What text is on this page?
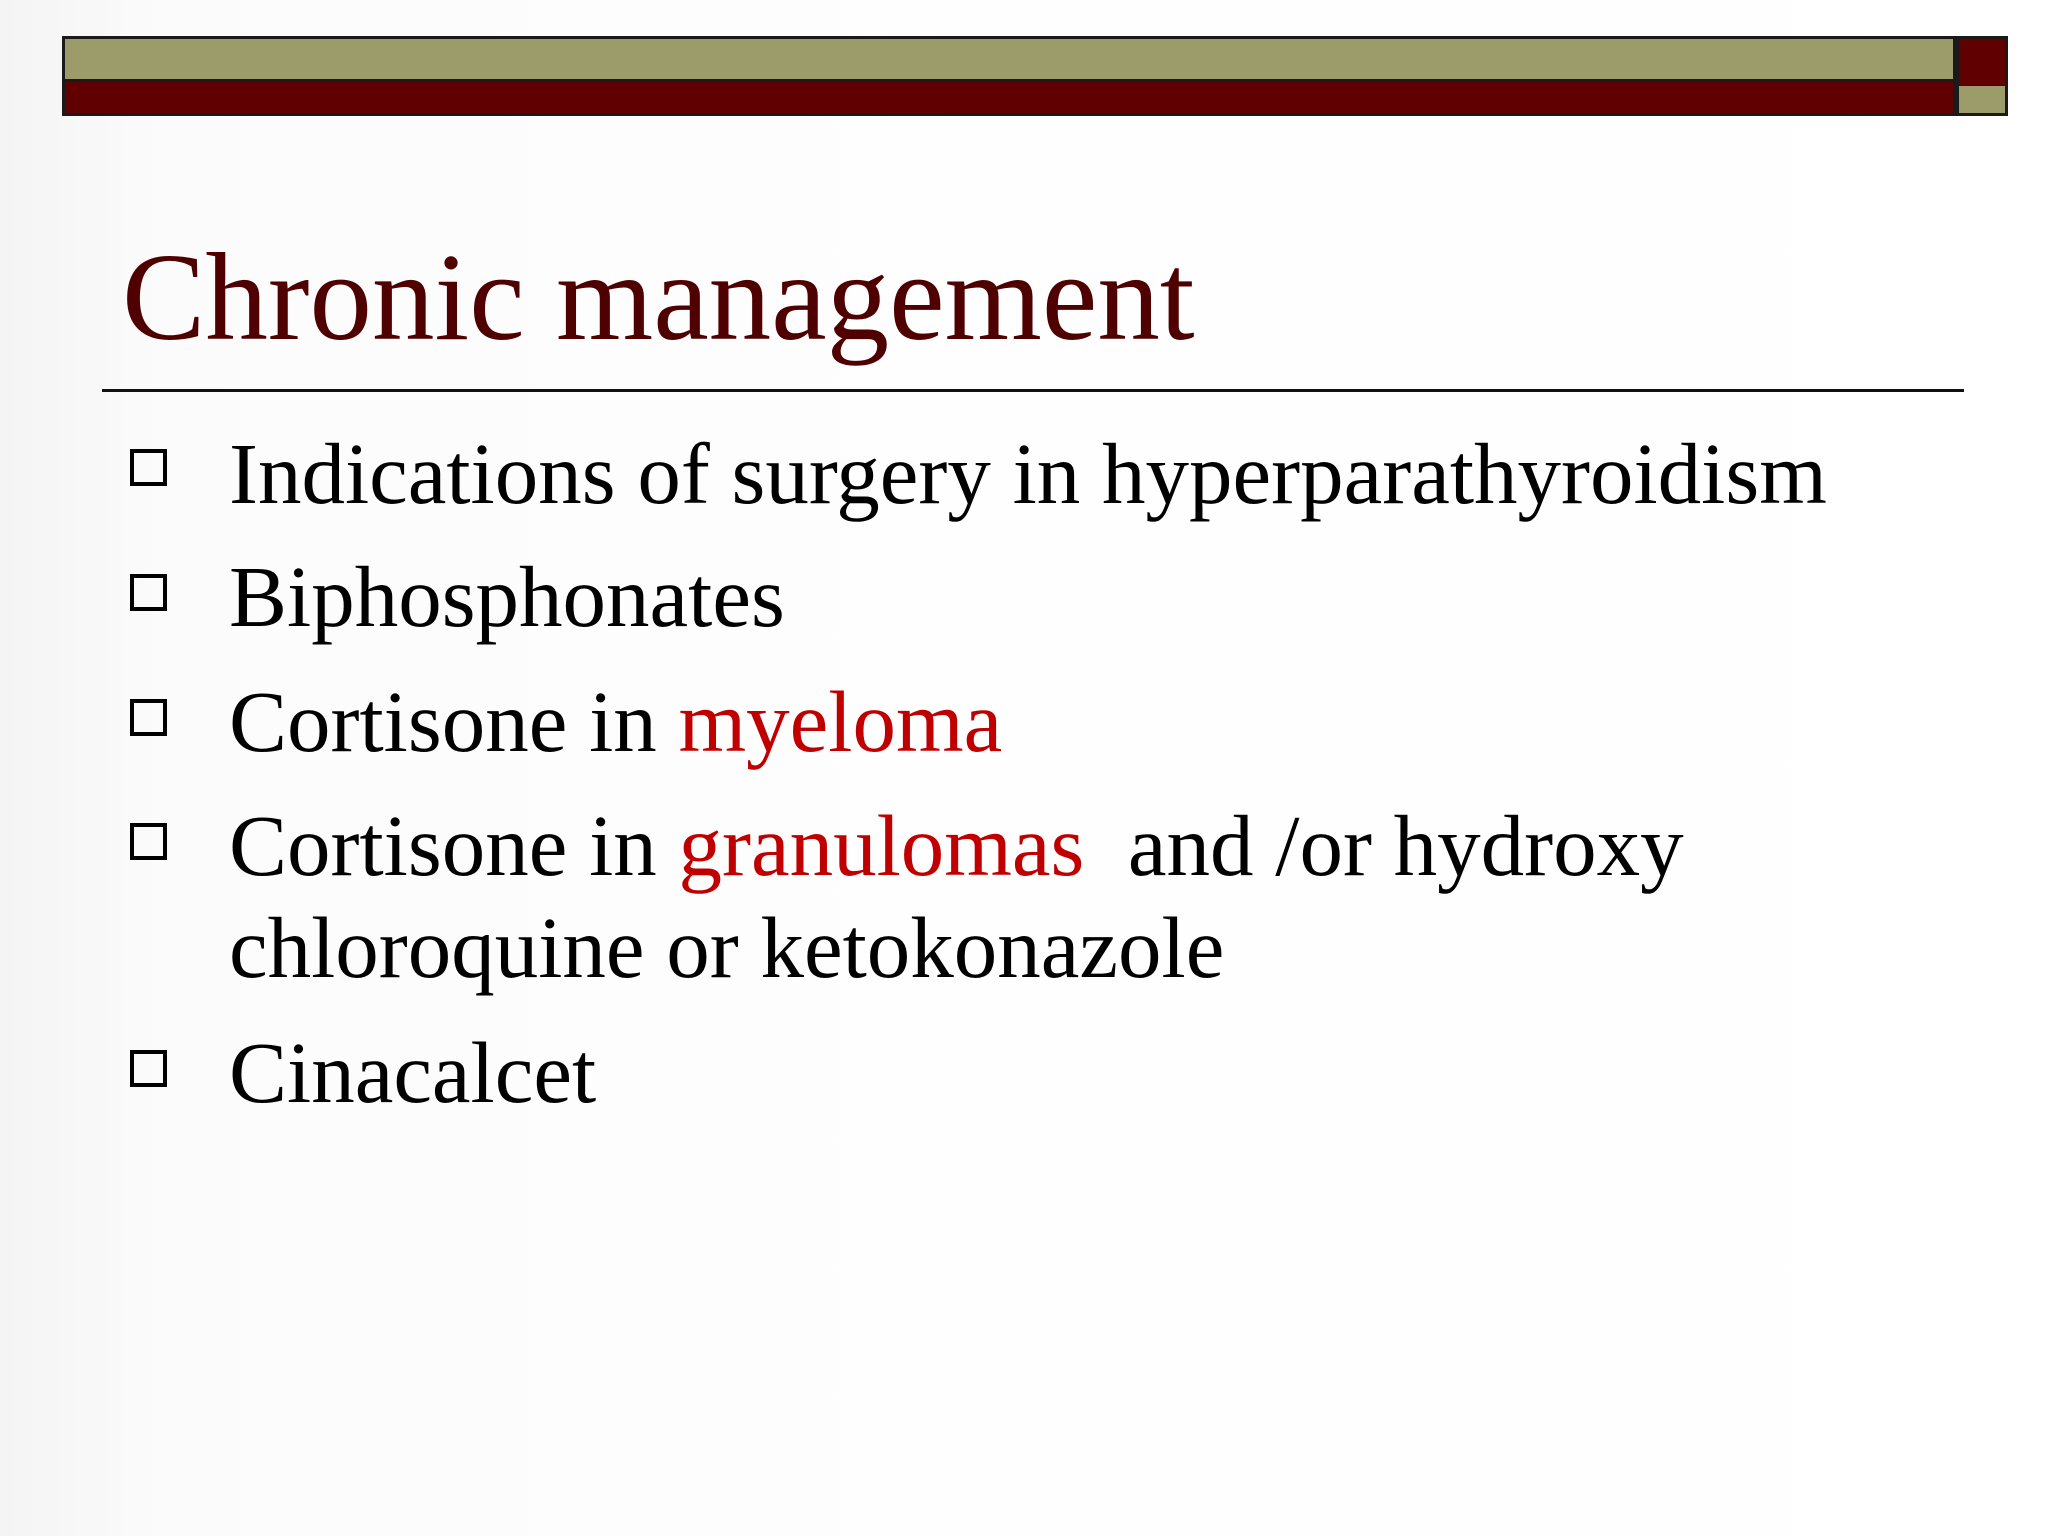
Chronic management
Indications of surgery in hyperparathyroidism
Biphosphonates
Cortisone in myeloma
Cortisone in granulomas  and /or hydroxy
chloroquine or ketokonazole
Cinacalcet
